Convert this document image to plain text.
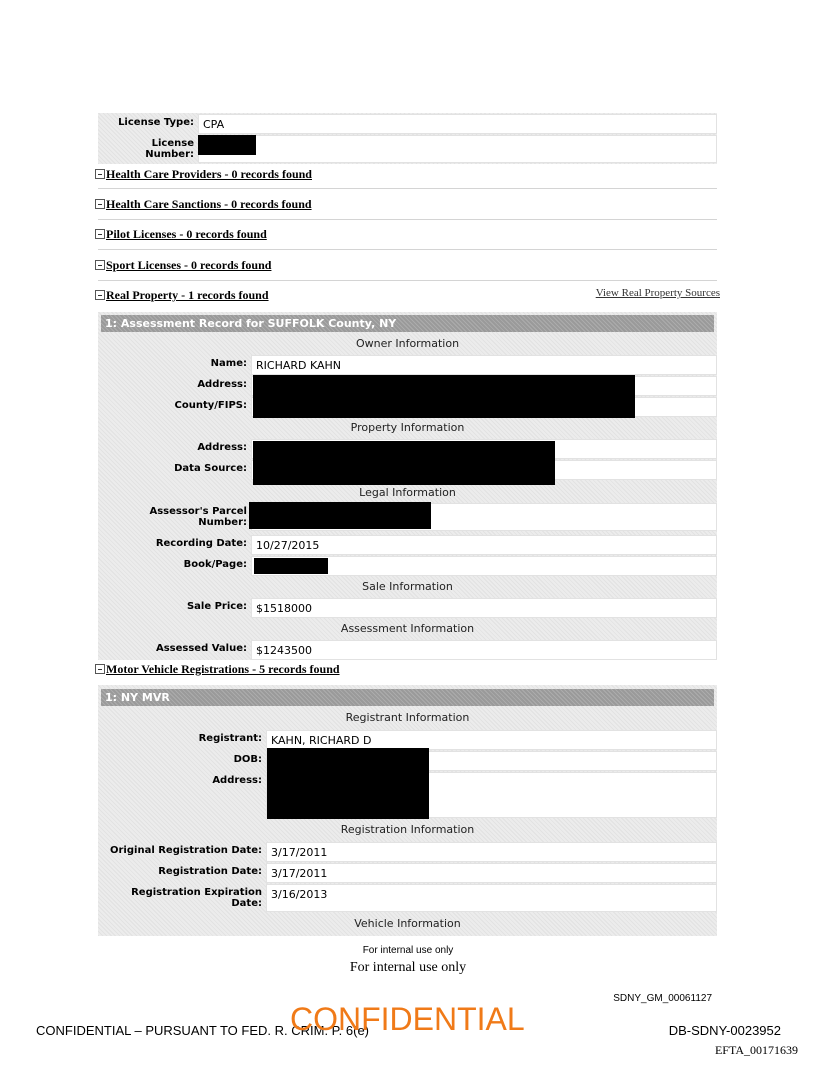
License Type: CPA
License Number:
Health Care Providers - 0 records found
Health Care Sanctions - 0 records found
Pilot Licenses - 0 records found
Sport Licenses - 0 records found
Real Property - 1 records found	View Real Property Sources
1: Assessment Record for SUFFOLK County, NY
Owner Information
Name: RICHARD KAHN
Address:
County/FIPS:
Property Information
Address:
Data Source:
Legal Information
Assessor's Parcel Number:
Recording Date: 10/27/2015
Book/Page:
Sale Information
Sale Price: $1518000
Assessment Information
Assessed Value: $1243500
Motor Vehicle Registrations - 5 records found
1: NY MVR
Registrant Information
Registrant: KAHN, RICHARD D
DOB:
Address:
Registration Information
Original Registration Date: 3/17/2011
Registration Date: 3/17/2011
Registration Expiration Date:
3/16/2013
Vehicle Information
For internal use only
For internal use only
SDNY_GM_00061127
CONFIDENTIAL – PURSUANT TO FED. R. CRIM. P. 6(e)
CONFIDENTIAL	DB-SDNY-0023952
EFTA_00171639
